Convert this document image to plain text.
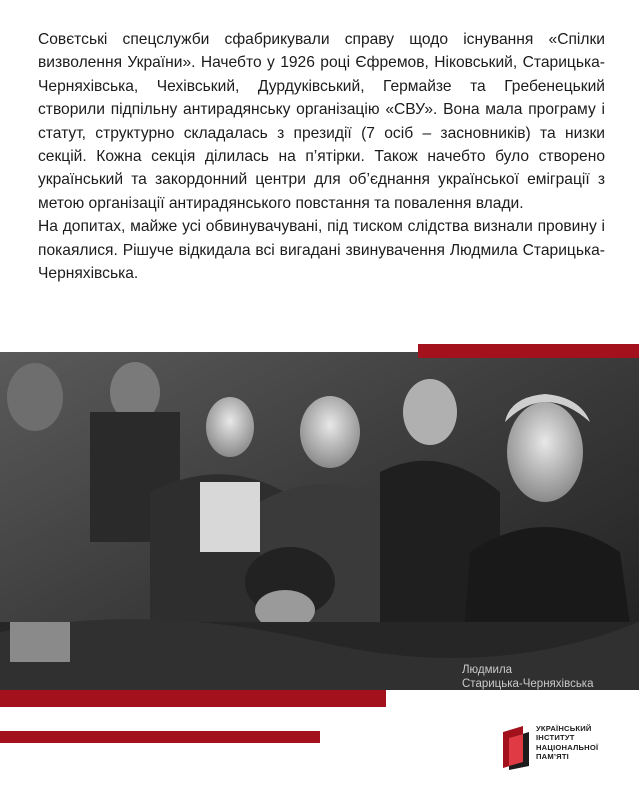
Совєтські спецслужби сфабрикували справу щодо існування «Спілки визволення України». Начебто у 1926 році Єфремов, Ніковський, Старицька-Черняхівська, Чехівський, Дурдуківський, Гермайзе та Гребенецький створили підпільну антирадянську організацію «СВУ». Вона мала програму і статут, структурно складалась з президії (7 осіб – засновників) та низки секцій. Кожна секція ділилась на п’ятірки. Також начебто було створено український та закордонний центри для об’єднання української еміграції з метою організації антирадянського повстання та повалення влади.

На допитах, майже усі обвинувачувані, під тиском слідства визнали провину і покаялися. Рішуче відкидала всі вигадані звинувачення Людмила Старицька-Черняхівська.

Людмила
Старицька-Черняхівська
УКРАЇНСЬКИЙ
ІНСТИТУТ
НАЦІОНАЛЬНОЇ
ПАМ’ЯТІ
